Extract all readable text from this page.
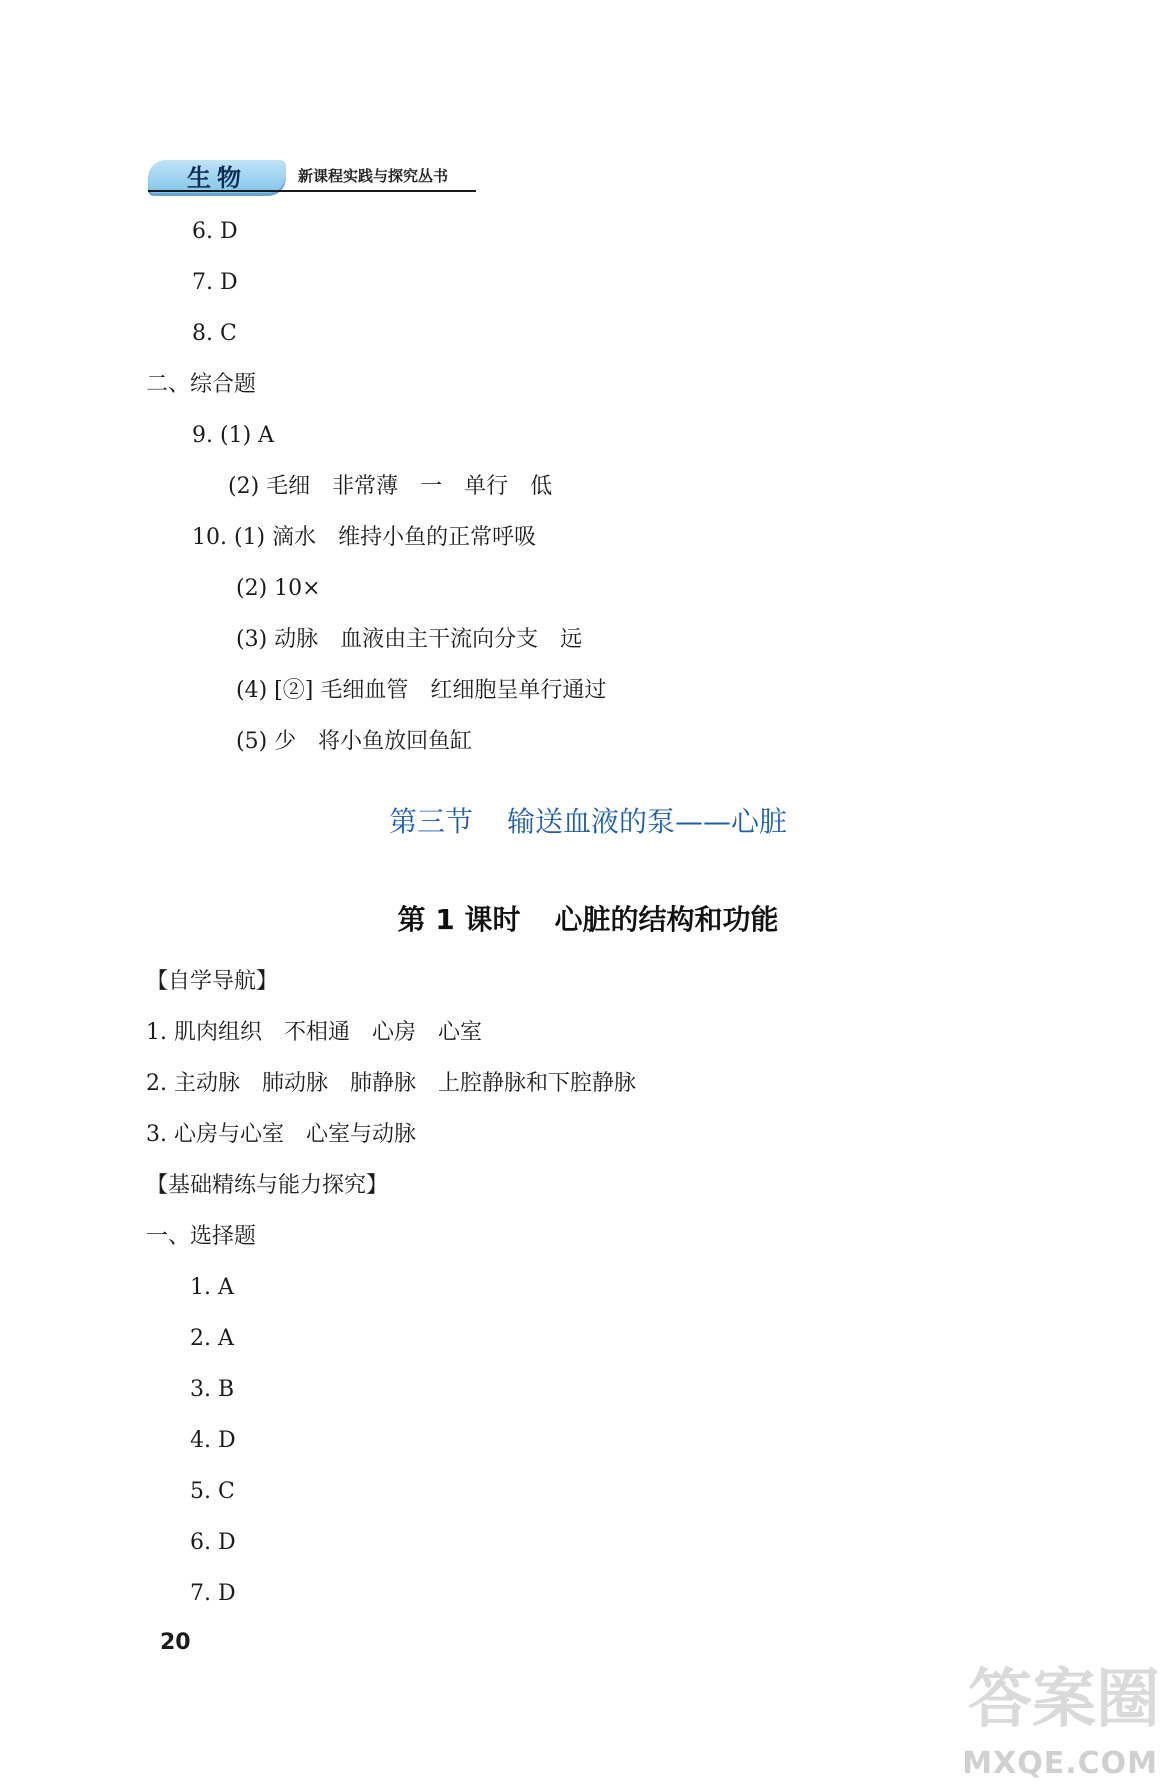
生物	新课程实践与探究丛书
6. D
7. D
8. C
二、综合题
9. (1) A
(2) 毛细　非常薄　一　单行　低
10. (1) 滴水　维持小鱼的正常呼吸
(2) 10×
(3) 动脉　血液由主干流向分支　远
(4) [②] 毛细血管　红细胞呈单行通过
(5) 少　将小鱼放回鱼缸
第三节 输送血液的泵——心脏
第 1 课时 心脏的结构和功能
【自学导航】
1. 肌肉组织　不相通　心房　心室
2. 主动脉　肺动脉　肺静脉　上腔静脉和下腔静脉
3. 心房与心室　心室与动脉
【基础精练与能力探究】
一、选择题
1. A
2. A
3. B
4. D
5. C
6. D
7. D
20
答案圈
MXQE.COM
